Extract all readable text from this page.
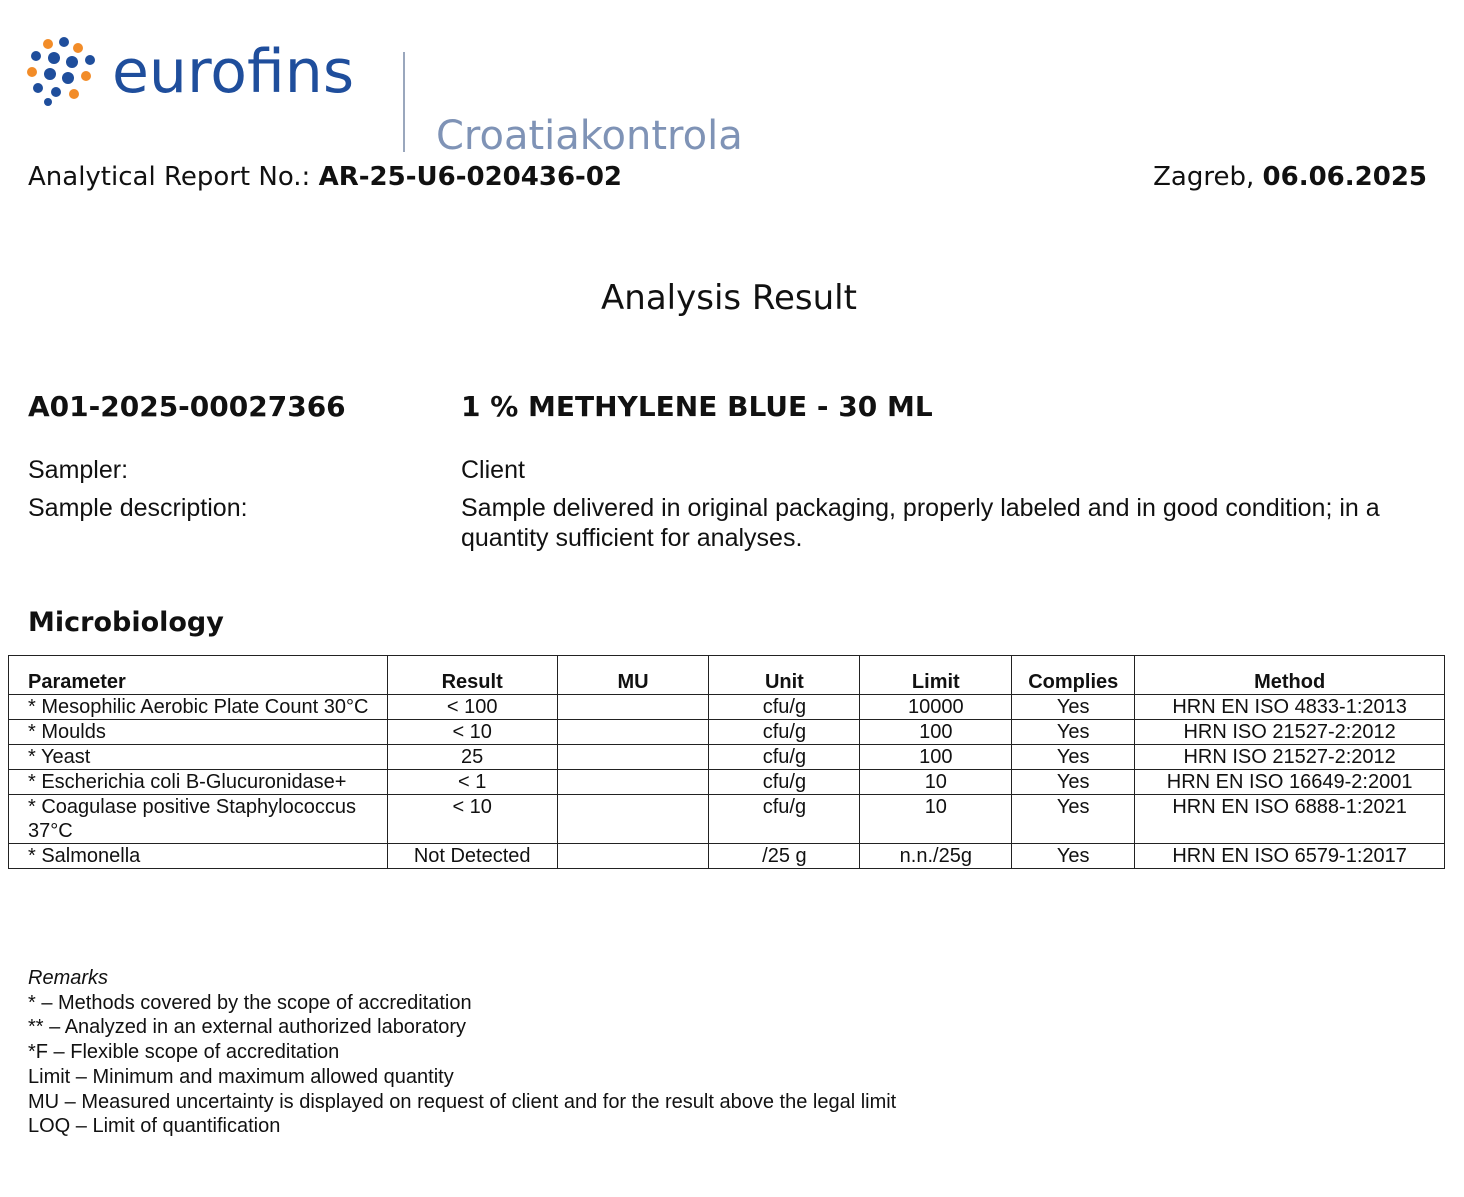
eurofins
Croatiakontrola
Analytical Report No.: AR-25-U6-020436-02	Zagreb, 06.06.2025
Analysis Result
A01-2025-00027366	1 % METHYLENE BLUE - 30 ML
Sampler:	Client
Sample description:	Sample delivered in original packaging, properly labeled and in good condition; in a quantity sufficient for analyses.
Microbiology
Parameter	Result	MU	Unit	Limit	Complies	Method
* Mesophilic Aerobic Plate Count 30°C	< 100		cfu/g	10000	Yes	HRN EN ISO 4833-1:2013
* Moulds	< 10		cfu/g	100	Yes	HRN ISO 21527-2:2012
* Yeast	25		cfu/g	100	Yes	HRN ISO 21527-2:2012
* Escherichia coli B-Glucuronidase+	< 1		cfu/g	10	Yes	HRN EN ISO 16649-2:2001
* Coagulase positive Staphylococcus 37°C	< 10		cfu/g	10	Yes	HRN EN ISO 6888-1:2021
* Salmonella	Not Detected		/25 g	n.n./25g	Yes	HRN EN ISO 6579-1:2017
Remarks
* – Methods covered by the scope of accreditation
** – Analyzed in an external authorized laboratory
*F – Flexible scope of accreditation
Limit – Minimum and maximum allowed quantity
MU – Measured uncertainty is displayed on request of client and for the result above the legal limit
LOQ – Limit of quantification
